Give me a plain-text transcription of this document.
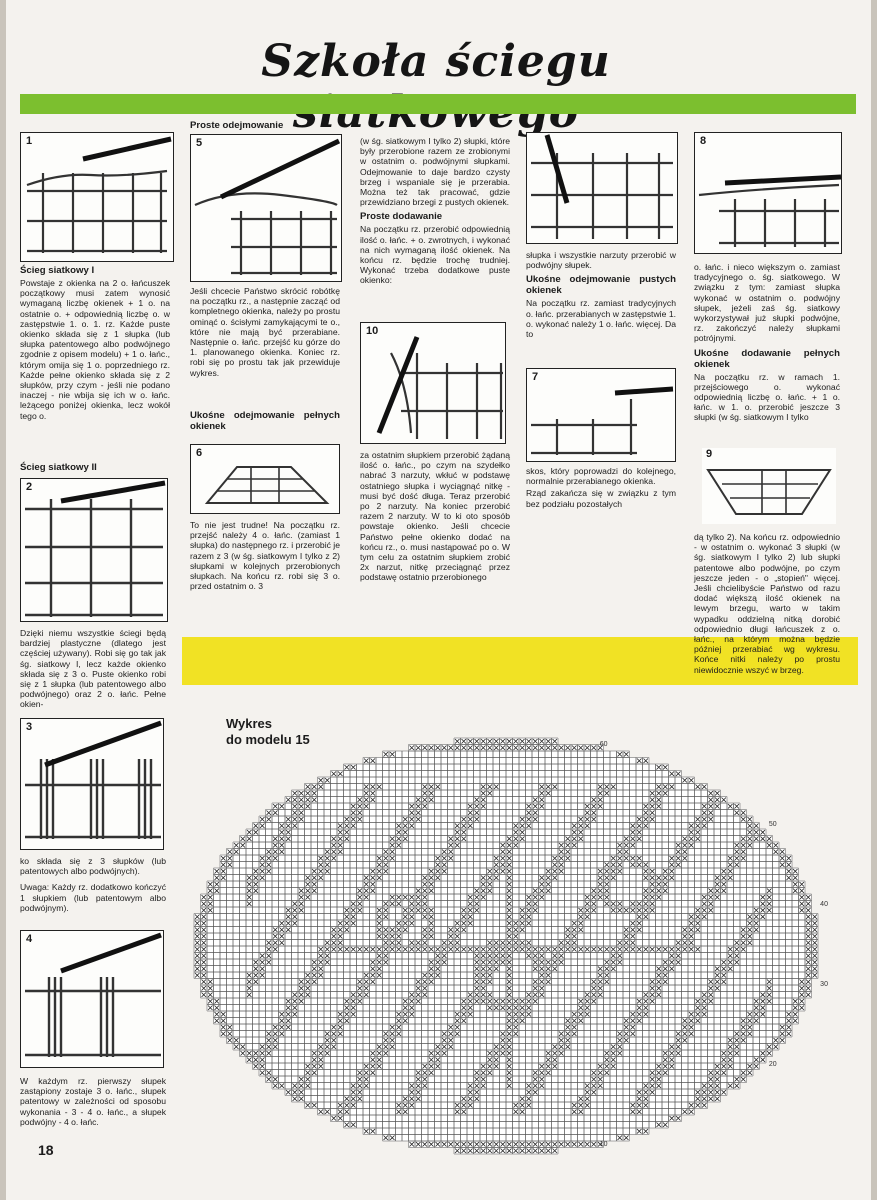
Szkoła ściegu
1

Ścieg siatkowy I

Powstaje z okienka na 2 o. łańcuszek początkowy musi zatem wynosić wymaganą liczbę okienek + 1 o. na ostatnie o. + odpowiednią liczbę o. w zastępstwie 1. o. 1. rz. Każde puste okienko składa się z 1 słupka (lub słupka patentowego albo podwójnego zgodnie z opisem modelu) + 1 o. łańc., którym omija się 1 o. poprzedniego rz. Każde pełne okienko składa się z 2 słupków, przy czym - jeśli nie podano inaczej - nie wbija się ich w o. łańc. leżącego poniżej okienka, lecz wokół tego o.

Ścieg siatkowy II

2

Dzięki niemu wszystkie ściegi będą bardziej plastyczne (dlatego jest częściej używany). Robi się go tak jak śg. siatkowy I, lecz każde okienko składa się z 3 o. Puste okienko robi się z 1 słupka (lub patentowego albo podwójnego) oraz 2 o. łańc. Pełne okien-

3

ko składa się z 3 słupków (lub patentowych albo podwójnych).

Uwaga: Każdy rz. dodatkowo kończyć 1 słupkiem (lub patentowym albo podwójnym).

4

W każdym rz. pierwszy słupek zastąpiony zostaje 3 o. łańc., słupek patentowy w zależności od sposobu wykonania - 3 - 4 o. łańc., a słupek podwójny - 4 o. łańc.

18

Proste odejmowanie

5

Jeśli chcecie Państwo skrócić robótkę na początku rz., a następnie zacząć od kompletnego okienka, należy po prostu ominąć o. ścisłymi zamykającymi te o., które nie mają być przerabiane. Następnie o. łańc. przejść ku górze do 1. planowanego okienka. Koniec rz. robi się po prostu tak jak przewiduje wykres.

Ukośne odejmowanie pełnych okienek

6

To nie jest trudne! Na początku rz. przejść należy 4 o. łańc. (zamiast 1 słupka) do następnego rz. i przerobić je razem z 3 (w śg. siatkowym I tylko z 2) słupkami w kolejnych przerobionych słupkach. Na końcu rz. robi się 3 o. przed ostatnim o. 3

(w śg. siatkowym I tylko 2) słupki, które były przerobione razem ze zrobionymi w ostatnim o. podwójnymi słupkami. Odejmowanie to daje bardzo czysty brzeg i wspaniale się je przerabia. Można też tak pracować, gdzie przewidziano brzegi z pustych okienek.

Proste dodawanie

Na początku rz. przerobić odpowiednią ilość o. łańc. + o. zwrotnych, i wykonać na nich wymaganą ilość okienek. Na końcu rz. będzie trochę trudniej. Wykonać trzeba dodatkowe puste okienko:

10

za ostatnim słupkiem przerobić żądaną ilość o. łańc., po czym na szydełko nabrać 3 narzuty, wkłuć w podstawę ostatniego słupka i wyciągnąć nitkę - musi być dość długa. Teraz przerobić po 2 narzuty. Na koniec przerobić razem 2 narzuty. W to ki oto sposób powstaje okienko. Jeśli chcecie Państwo pełne okienko dodać na końcu rz., o. musi nastąpować po o. W tym celu za ostatnim słupkiem zrobić 2x narzut, nitkę przeciągnąć przez podstawę ostatnio przerobionego

słupka i wszystkie narzuty przerobić w podwójny słupek.

Ukośne odejmowanie pustych okienek

Na początku rz. zamiast tradycyjnych o. łańc. przerabianych w zastępstwie 1. o. wykonać należy 1 o. łańc. więcej. Da to

7

skos, który poprowadzi do kolejnego, normalnie przerabianego okienka.

Rząd zakańcza się w związku z tym bez podziału pozostałych

8

o. łańc. i nieco większym o. zamiast tradycyjnego o. śg. siatkowego. W związku z tym: zamiast słupka wykonać w ostatnim o. podwójny słupek, jeżeli zaś śg. siatkowy wykorzystywał już słupki podwójne, rz. zakończyć należy słupkami potrójnymi.

Ukośne dodawanie pełnych okienek

Na początku rz. w ramach 1. przejściowego o. wykonać odpowiednią liczbę o. łańc. + 1 o. łańc. w 1. o. przerobić jeszcze 3 słupki (w śg. siatkowym I tylko

9

dą tylko 2). Na końcu rz. odpowiednio - w ostatnim o. wykonać 3 słupki (w śg. siatkowym I tylko 2) lub słupki patentowe albo podwójne, po czym jeszcze jeden - o „stopień" więcej. Jeśli chcielibyście Państwo od razu dodać większą ilość okienek na lewym brzegu, warto w takim wypadku oddzielną nitką dorobić odpowiednio długi łańcuszek z o. łańc., na którym można będzie później przerabiać wg wykresu. Końce nitki należy po prostu niewidocznie wszyć w brzeg.

Wykres
do modelu 15	60
50
40
30
20
10
